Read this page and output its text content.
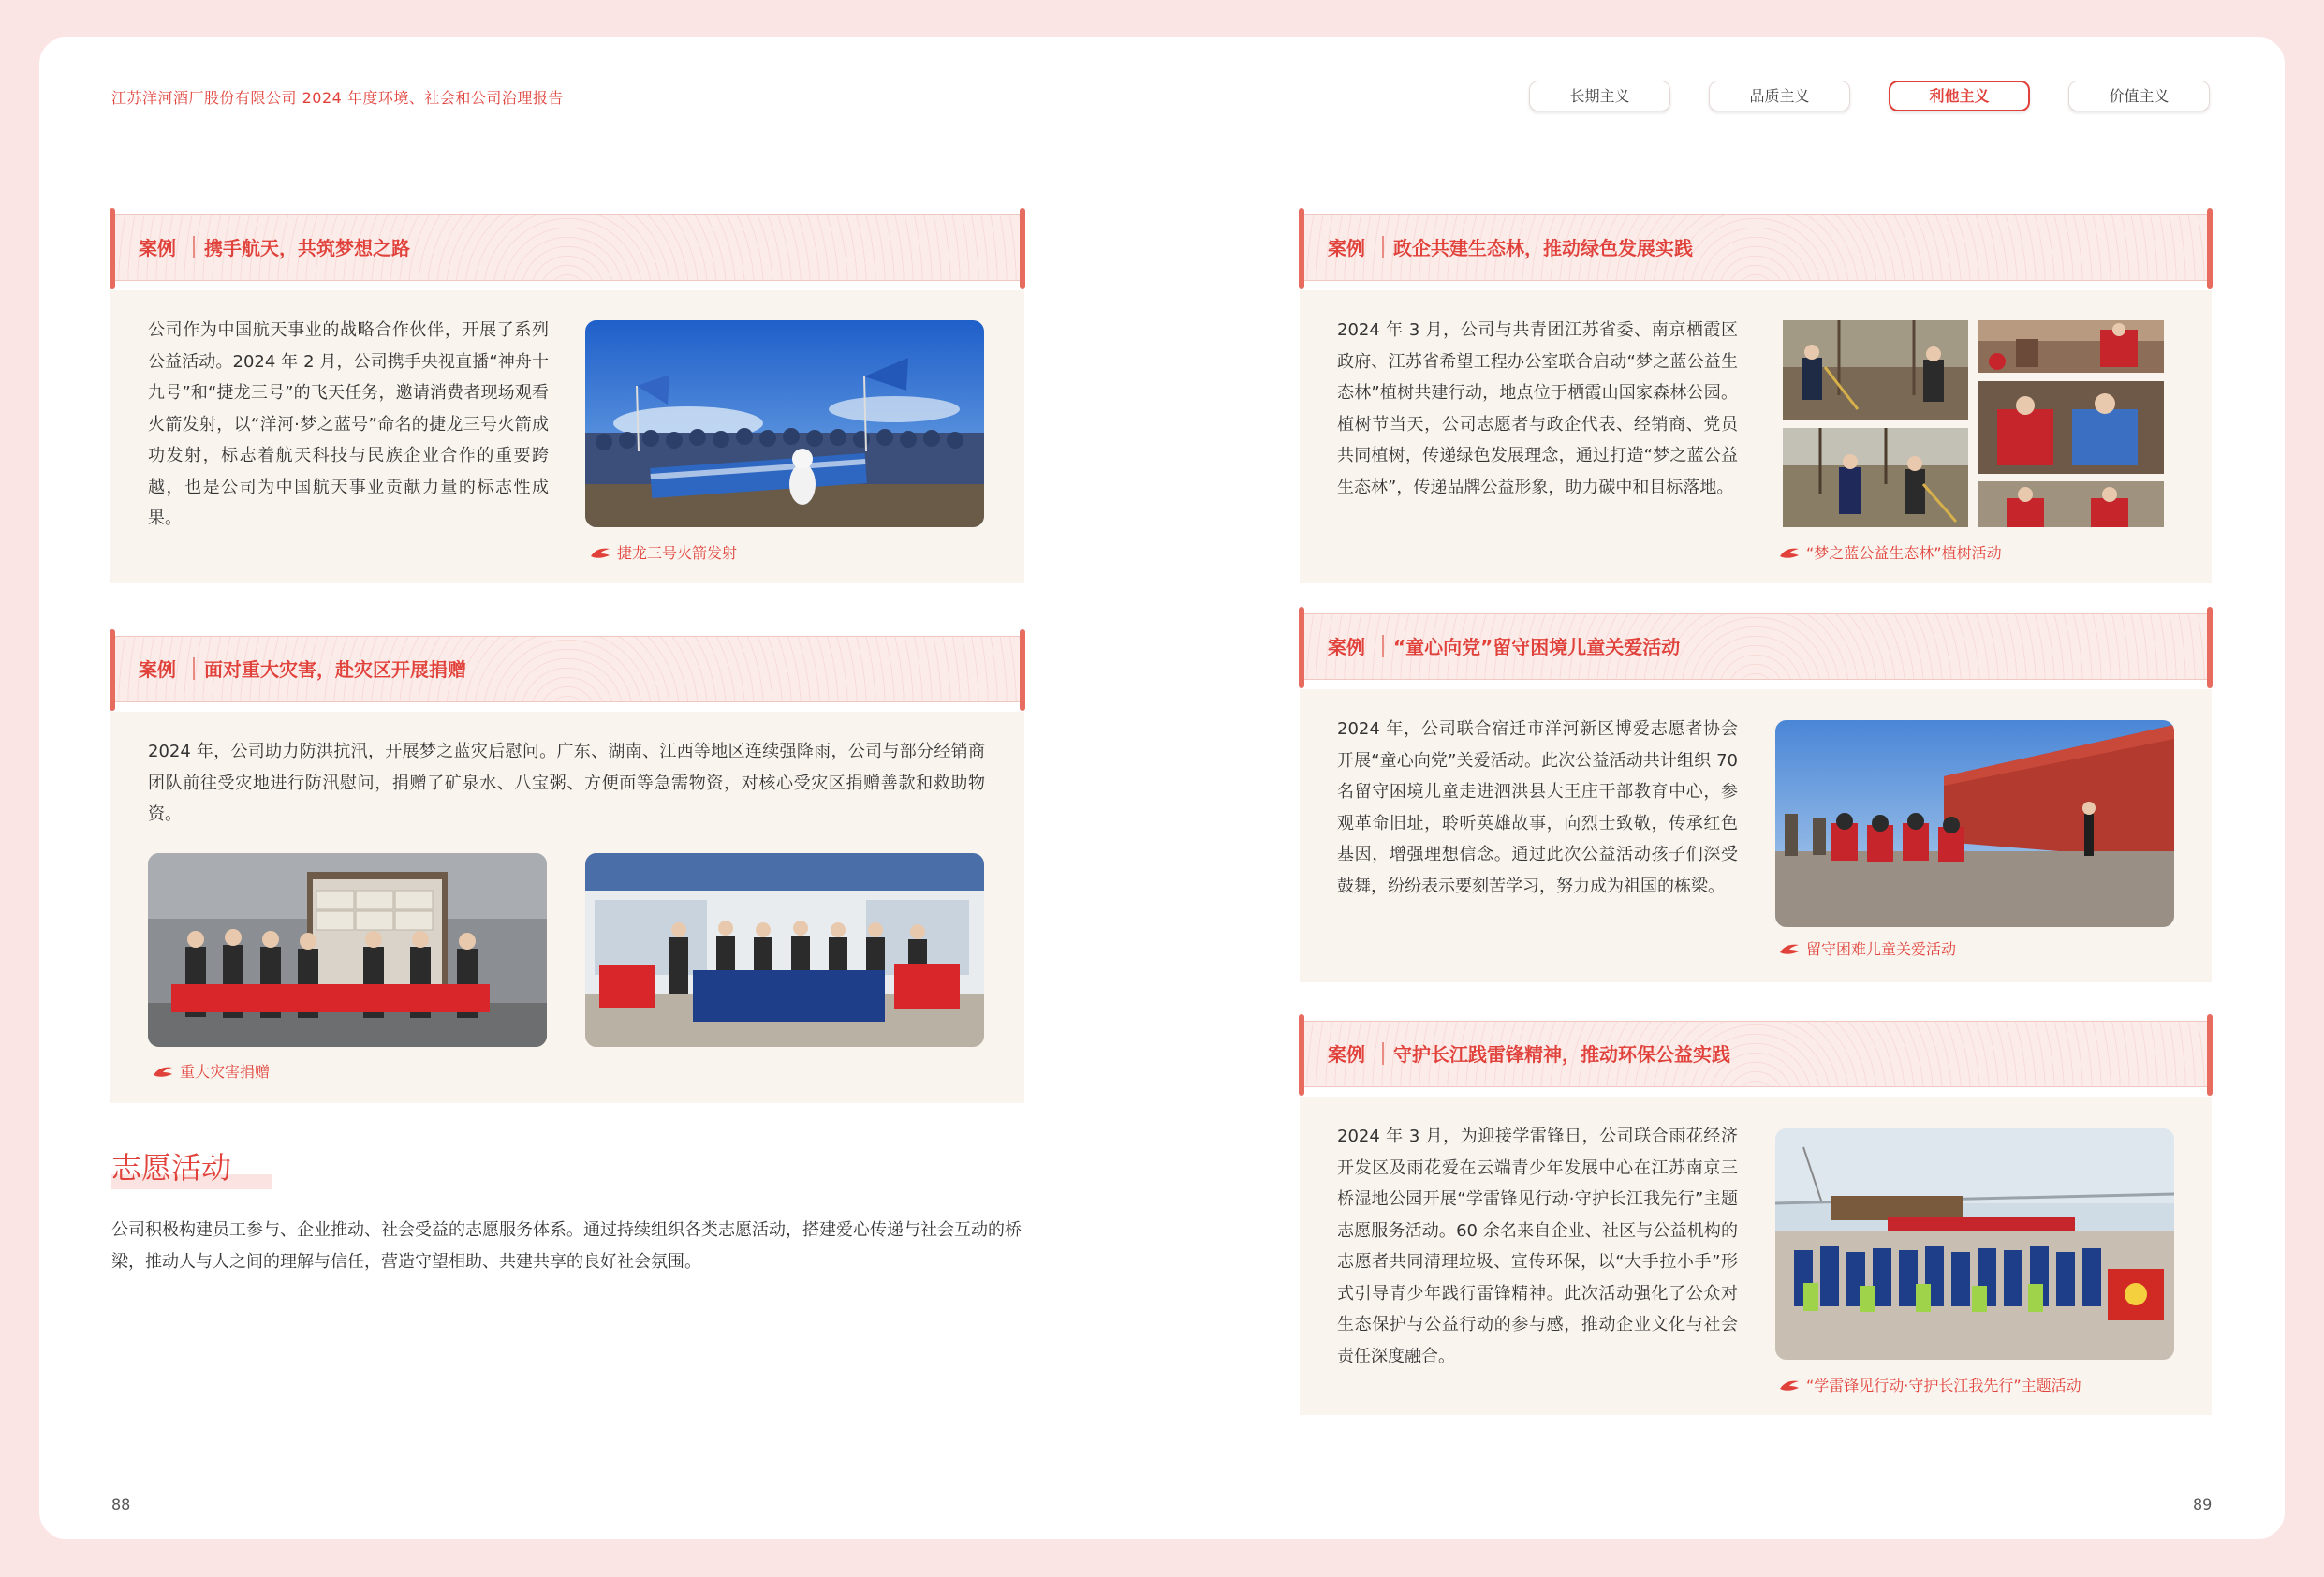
江苏洋河酒厂股份有限公司 2024 年度环境、社会和公司治理报告	长期主义	品质主义	利他主义	价值主义
案例 携手航天，共筑梦想之路
公司作为中国航天事业的战略合作伙伴，开展了系列公益活动。2024 年 2 月，公司携手央视直播“神舟十九号”和“捷龙三号”的飞天任务，邀请消费者现场观看火箭发射，以“洋河·梦之蓝号”命名的捷龙三号火箭成功发射，标志着航天科技与民族企业合作的重要跨越，也是公司为中国航天事业贡献力量的标志性成果。
捷龙三号火箭发射
案例 面对重大灾害，赴灾区开展捐赠
2024 年，公司助力防洪抗汛，开展梦之蓝灾后慰问。广东、湖南、江西等地区连续强降雨，公司与部分经销商团队前往受灾地进行防汛慰问，捐赠了矿泉水、八宝粥、方便面等急需物资，对核心受灾区捐赠善款和救助物资。
重大灾害捐赠
志愿活动
公司积极构建员工参与、企业推动、社会受益的志愿服务体系。通过持续组织各类志愿活动，搭建爱心传递与社会互动的桥梁，推动人与人之间的理解与信任，营造守望相助、共建共享的良好社会氛围。
88
案例 政企共建生态林，推动绿色发展实践
2024 年 3 月，公司与共青团江苏省委、南京栖霞区政府、江苏省希望工程办公室联合启动“梦之蓝公益生态林”植树共建行动，地点位于栖霞山国家森林公园。植树节当天，公司志愿者与政企代表、经销商、党员共同植树，传递绿色发展理念，通过打造“梦之蓝公益生态林”，传递品牌公益形象，助力碳中和目标落地。
“梦之蓝公益生态林”植树活动
案例 “童心向党”留守困境儿童关爱活动
2024 年，公司联合宿迁市洋河新区博爱志愿者协会开展“童心向党”关爱活动。此次公益活动共计组织 70 名留守困境儿童走进泗洪县大王庄干部教育中心，参观革命旧址，聆听英雄故事，向烈士致敬，传承红色基因，增强理想信念。通过此次公益活动孩子们深受鼓舞，纷纷表示要刻苦学习，努力成为祖国的栋梁。
留守困难儿童关爱活动
案例 守护长江践雷锋精神，推动环保公益实践
2024 年 3 月，为迎接学雷锋日，公司联合雨花经济开发区及雨花爱在云端青少年发展中心在江苏南京三桥湿地公园开展“学雷锋见行动·守护长江我先行”主题志愿服务活动。60 余名来自企业、社区与公益机构的志愿者共同清理垃圾、宣传环保，以“大手拉小手”形式引导青少年践行雷锋精神。此次活动强化了公众对生态保护与公益行动的参与感，推动企业文化与社会责任深度融合。
“学雷锋见行动·守护长江我先行”主题活动
89
